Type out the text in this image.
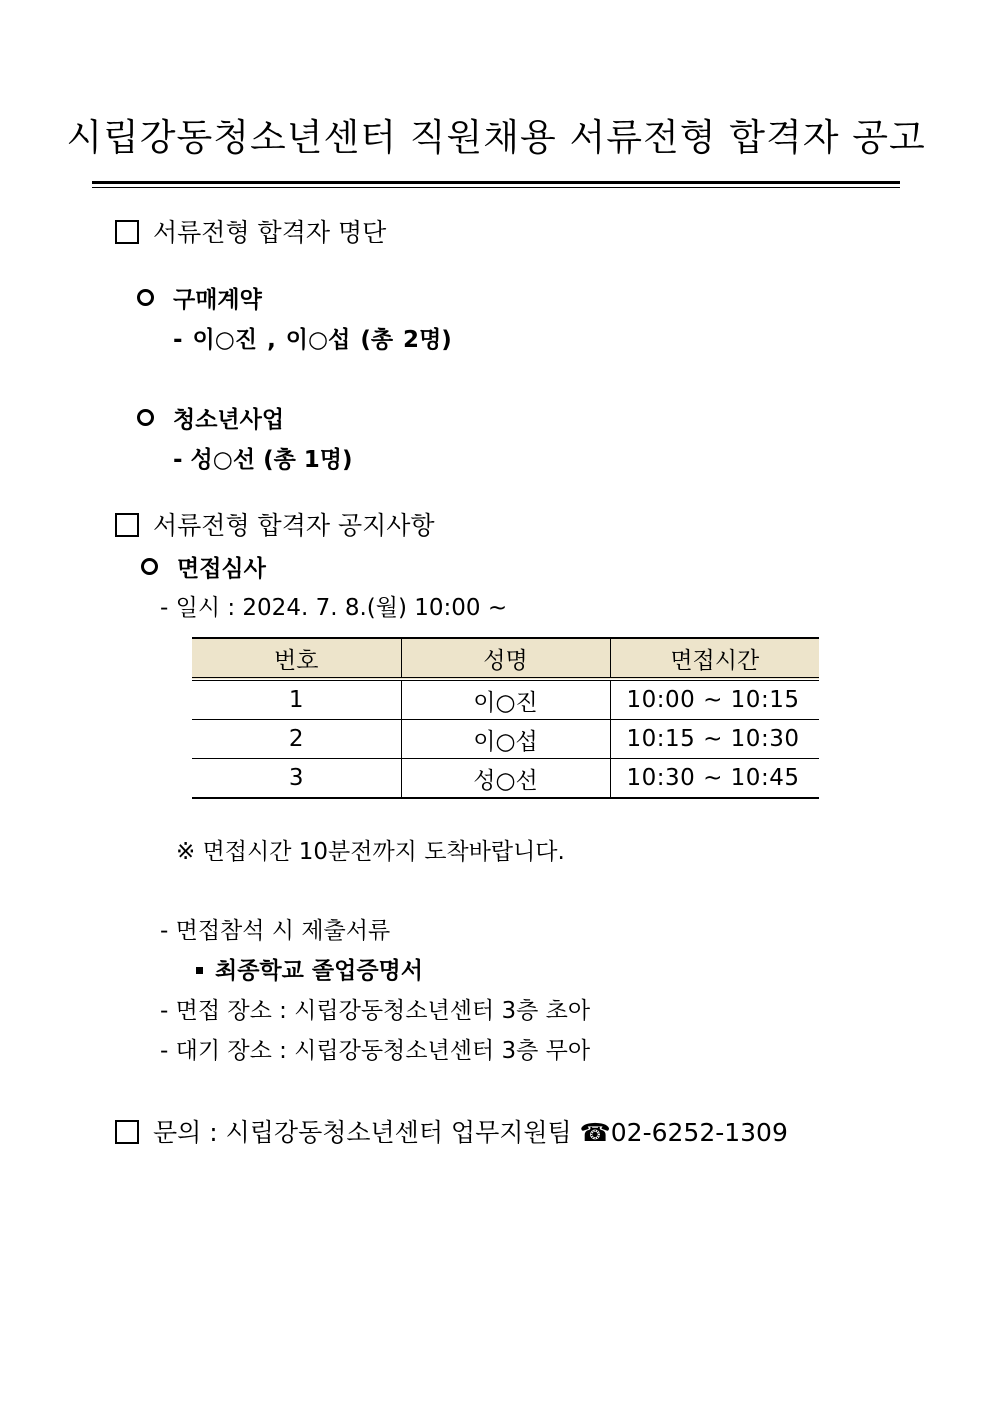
시립강동청소년센터 직원채용 서류전형 합격자 공고
서류전형 합격자 명단
구매계약
- 이○진 , 이○섭 (총 2명)
청소년사업
- 성○선 (총 1명)
서류전형 합격자 공지사항
면접심사
- 일시 : 2024. 7. 8.(월) 10:00 ~
번호	성명	면접시간
1	이○진	10:00 ~ 10:15
2	이○섭	10:15 ~ 10:30
3	성○선	10:30 ~ 10:45
※ 면접시간 10분전까지 도착바랍니다.
- 면접참석 시 제출서류
최종학교 졸업증명서
- 면접 장소 : 시립강동청소년센터 3층 초아
- 대기 장소 : 시립강동청소년센터 3층 무아
문의 : 시립강동청소년센터 업무지원팀 ☎02-6252-1309
